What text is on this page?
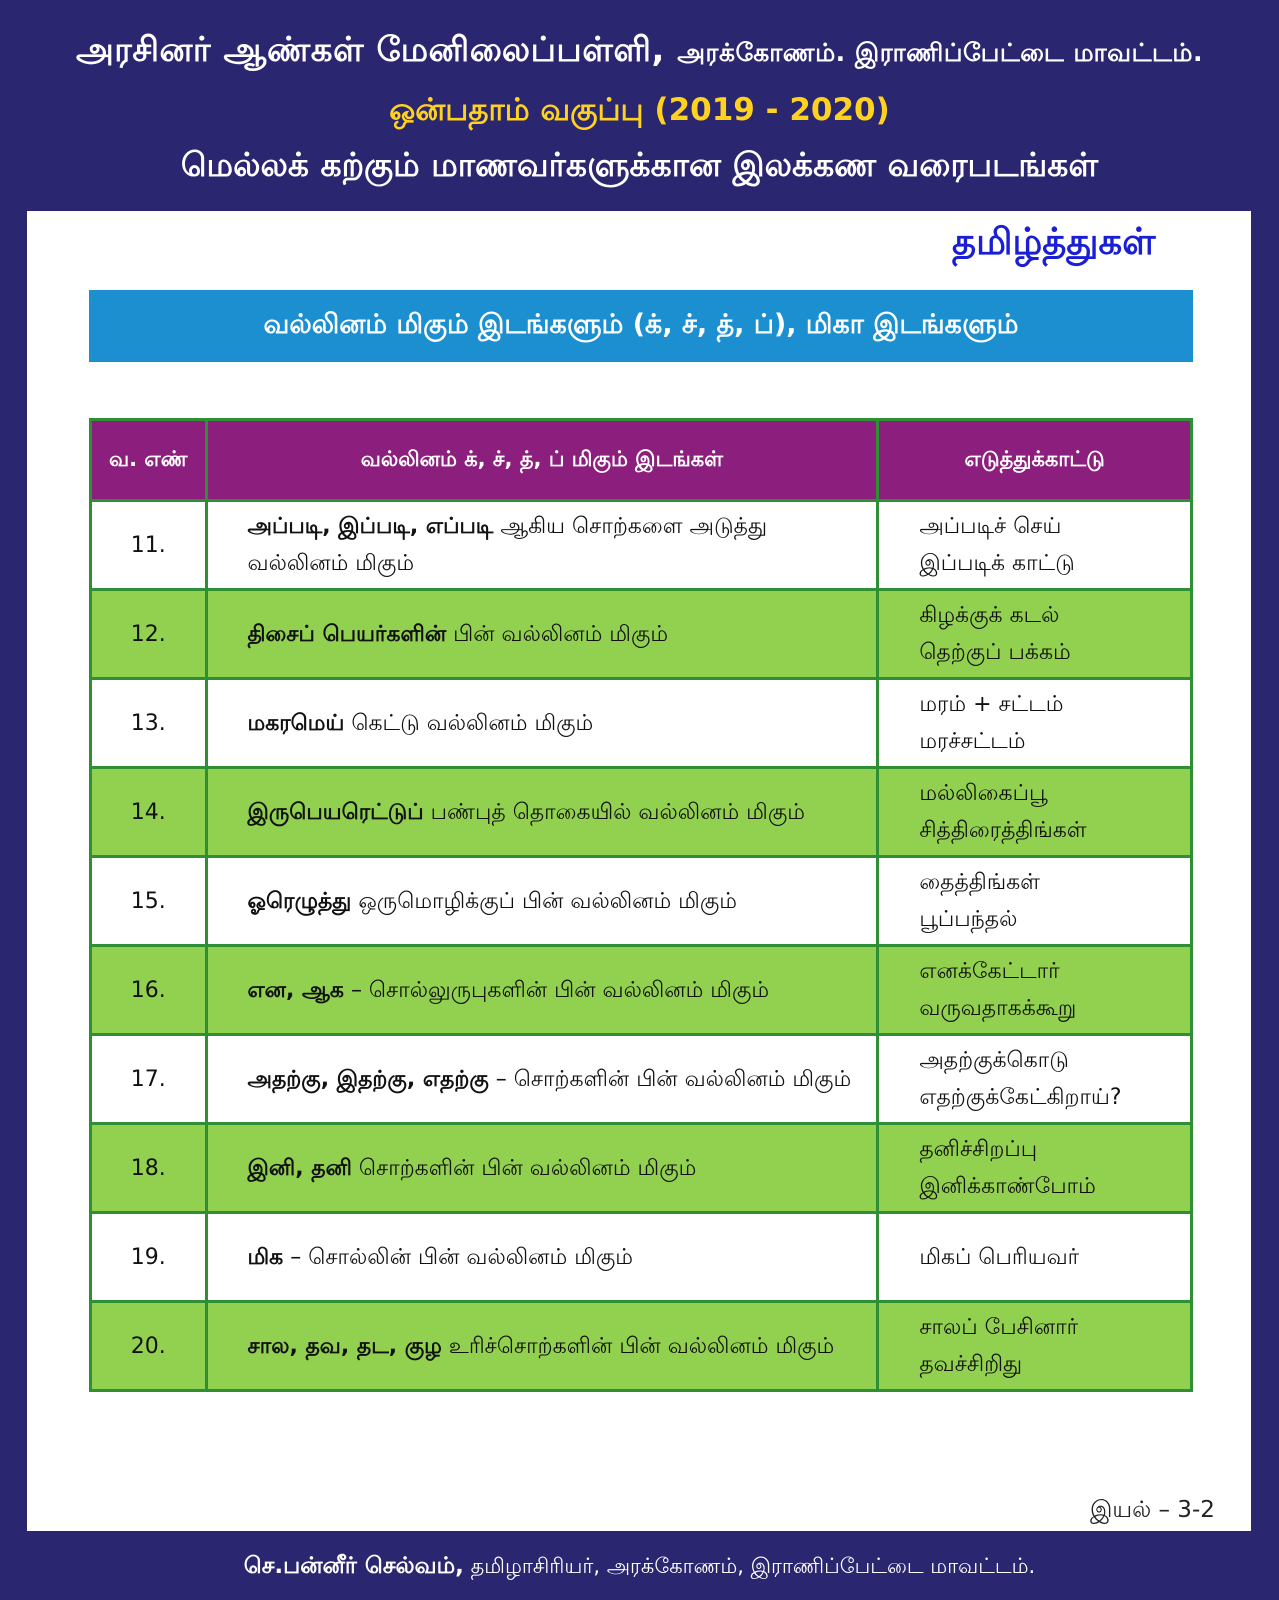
அரசினர் ஆண்கள் மேனிலைப்பள்ளி, அரக்கோணம். இராணிப்பேட்டை மாவட்டம்.
ஒன்பதாம் வகுப்பு (2019 - 2020)
மெல்லக் கற்கும் மாணவர்களுக்கான இலக்கண வரைபடங்கள்
தமிழ்த்துகள்
வல்லினம் மிகும் இடங்களும் (க், ச், த், ப்), மிகா இடங்களும்
வ. எண்	வல்லினம் க், ச், த், ப் மிகும் இடங்கள்	எடுத்துக்காட்டு
11.	அப்படி, இப்படி, எப்படி ஆகிய சொற்களை அடுத்து வல்லினம் மிகும்	அப்படிச் செய்
இப்படிக் காட்டு

12.	திசைப் பெயர்களின் பின் வல்லினம் மிகும்	கிழக்குக் கடல்
தெற்குப் பக்கம்

13.	மகரமெய் கெட்டு வல்லினம் மிகும்	மரம் + சட்டம்
மரச்சட்டம்

14.	இருபெயரெட்டுப் பண்புத் தொகையில் வல்லினம் மிகும்	மல்லிகைப்பூ
சித்திரைத்திங்கள்

15.	ஓரெழுத்து ஒருமொழிக்குப் பின் வல்லினம் மிகும்	தைத்திங்கள்
பூப்பந்தல்

16.	என, ஆக – சொல்லுருபுகளின் பின் வல்லினம் மிகும்	எனக்கேட்டார்
வருவதாகக்கூறு

17.	அதற்கு, இதற்கு, எதற்கு – சொற்களின் பின் வல்லினம் மிகும்	அதற்குக்கொடு
எதற்குக்கேட்கிறாய்?

18.	இனி, தனி சொற்களின் பின் வல்லினம் மிகும்	தனிச்சிறப்பு
இனிக்காண்போம்

19.	மிக – சொல்லின் பின் வல்லினம் மிகும்	மிகப் பெரியவர்

20.	சால, தவ, தட, குழ உரிச்சொற்களின் பின் வல்லினம் மிகும்	சாலப் பேசினார்
தவச்சிறிது
இயல் – 3-2
செ.பன்னீர் செல்வம்,
தமிழாசிரியர், அரக்கோணம், இராணிப்பேட்டை மாவட்டம்.
